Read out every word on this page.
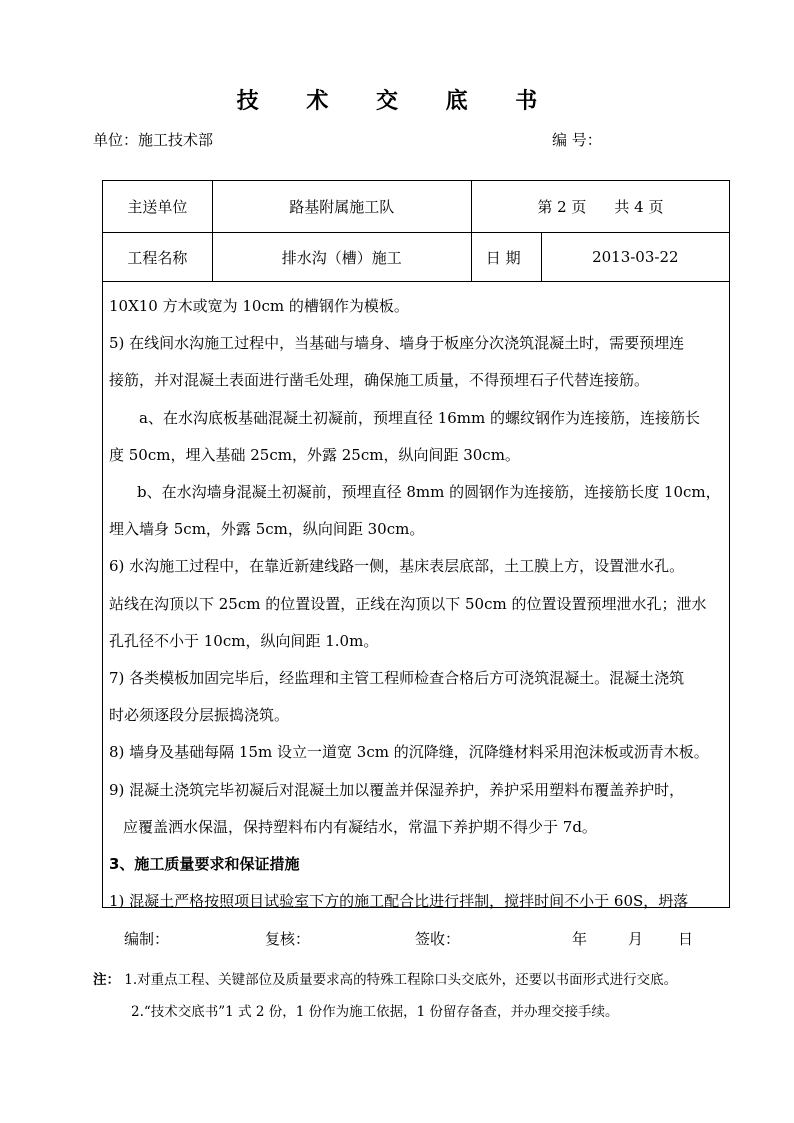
技 术 交 底 书
单位：施工技术部	编 号：
主送单位	路基附属施工队	第 2 页 共 4 页
工程名称	排水沟（槽）施工	日 期	2013-03-22

10X10 方木或宽为 10cm 的槽钢作为模板。

5) 在线间水沟施工过程中，当基础与墙身、墙身于板座分次浇筑混凝土时，需要预埋连

接筋，并对混凝土表面进行凿毛处理，确保施工质量，不得预埋石子代替连接筋。

a、在水沟底板基础混凝土初凝前，预埋直径 16mm 的螺纹钢作为连接筋，连接筋长

度 50cm，埋入基础 25cm，外露 25cm，纵向间距 30cm。

b、在水沟墙身混凝土初凝前，预埋直径 8mm 的圆钢作为连接筋，连接筋长度 10cm，

埋入墙身 5cm，外露 5cm，纵向间距 30cm。

6) 水沟施工过程中，在靠近新建线路一侧，基床表层底部，土工膜上方，设置泄水孔。

站线在沟顶以下 25cm 的位置设置，正线在沟顶以下 50cm 的位置设置预埋泄水孔；泄水

孔孔径不小于 10cm，纵向间距 1.0m。

7) 各类模板加固完毕后，经监理和主管工程师检查合格后方可浇筑混凝土。混凝土浇筑

时必须逐段分层振捣浇筑。

8) 墙身及基础每隔 15m 设立一道宽 3cm 的沉降缝，沉降缝材料采用泡沫板或沥青木板。

9) 混凝土浇筑完毕初凝后对混凝土加以覆盖并保湿养护，养护采用塑料布覆盖养护时，

应覆盖洒水保温，保持塑料布内有凝结水，常温下养护期不得少于 7d。

3、施工质量要求和保证措施

1) 混凝土严格按照项目试验室下方的施工配合比进行拌制，搅拌时间不小于 60S，坍落

编制：	复核：	签收：	年	月 日
注： 1.对重点工程、关键部位及质量要求高的特殊工程除口头交底外，还要以书面形式进行交底。
2.“技术交底书”1 式 2 份，1 份作为施工依据，1 份留存备查，并办理交接手续。
